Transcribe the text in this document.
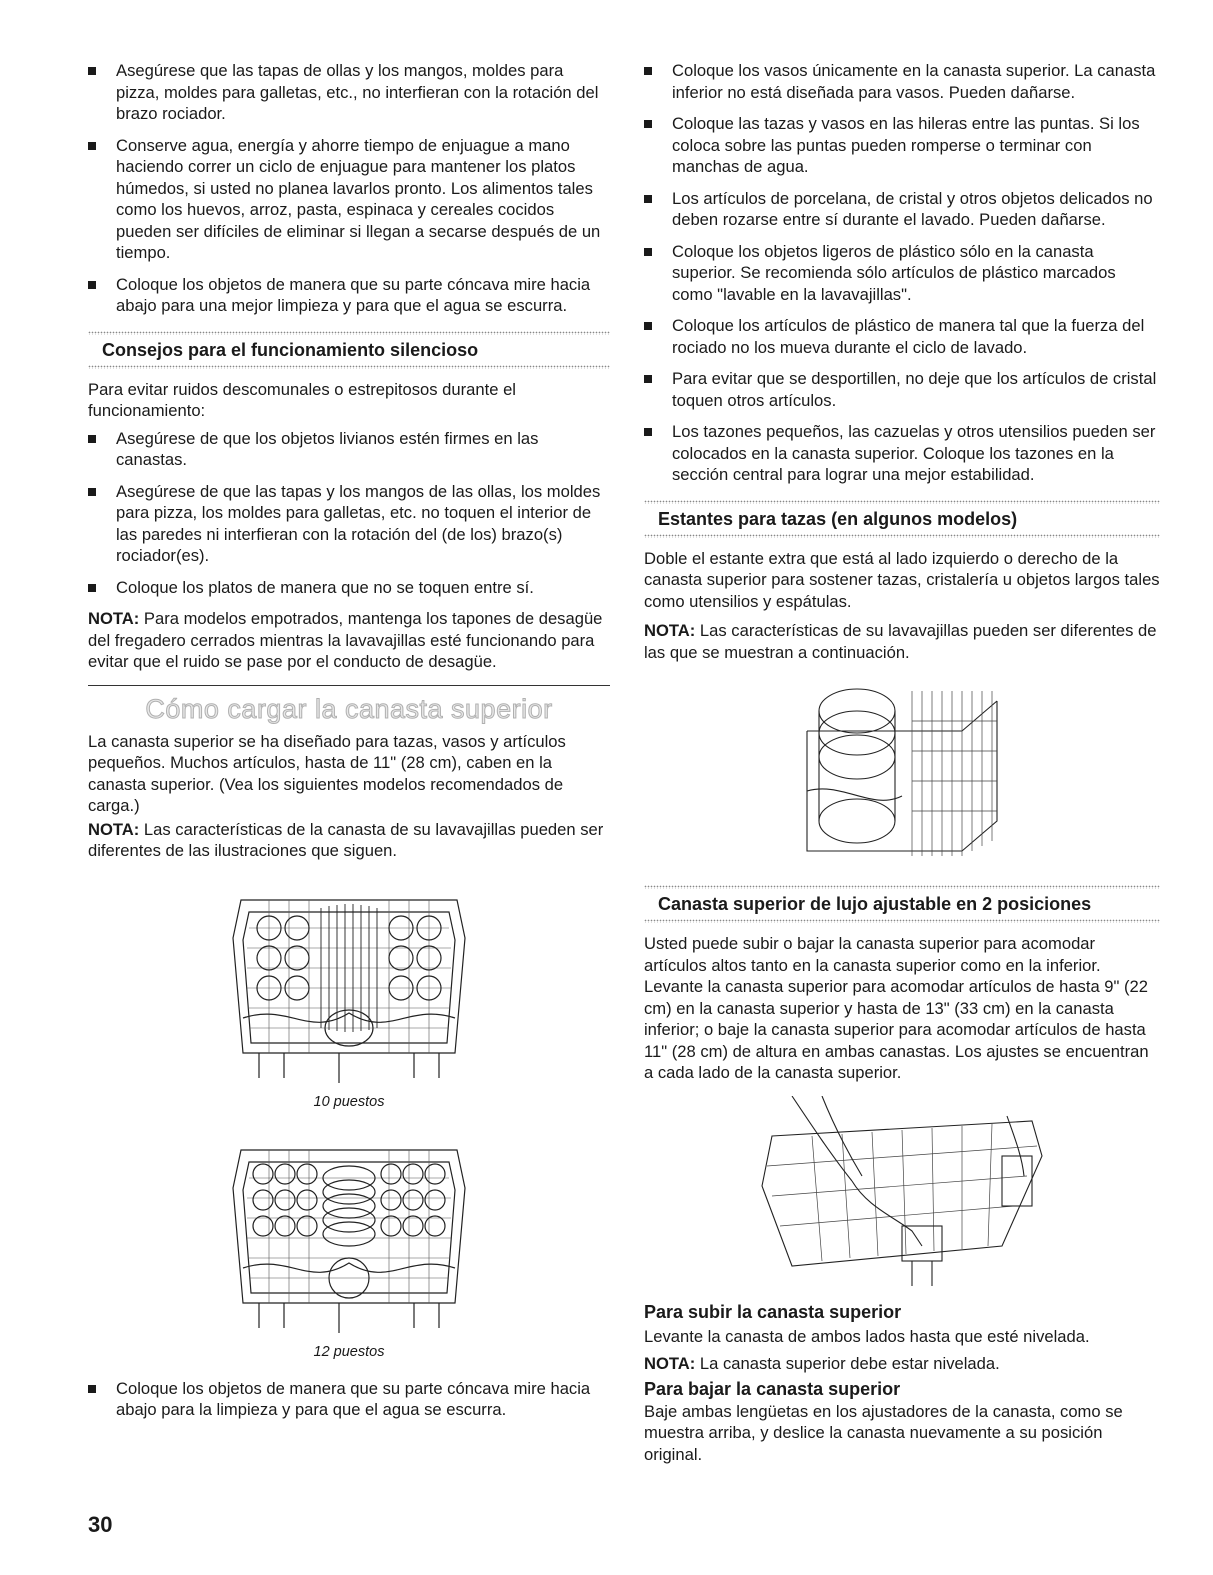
Asegúrese que las tapas de ollas y los mangos, moldes para pizza, moldes para galletas, etc., no interfieran con la rotación del brazo rociador.
Conserve agua, energía y ahorre tiempo de enjuague a mano haciendo correr un ciclo de enjuague para mantener los platos húmedos, si usted no planea lavarlos pronto. Los alimentos tales como los huevos, arroz, pasta, espinaca y cereales cocidos pueden ser difíciles de eliminar si llegan a secarse después de un tiempo.
Coloque los objetos de manera que su parte cóncava mire hacia abajo para una mejor limpieza y para que el agua se escurra.
Consejos para el funcionamiento silencioso

Para evitar ruidos descomunales o estrepitosos durante el funcionamiento:

Asegúrese de que los objetos livianos estén firmes en las canastas.
Asegúrese de que las tapas y los mangos de las ollas, los moldes para pizza, los moldes para galletas, etc. no toquen el interior de las paredes ni interfieran con la rotación del (de los) brazo(s) rociador(es).
Coloque los platos de manera que no se toquen entre sí.

NOTA: Para modelos empotrados, mantenga los tapones de desagüe del fregadero cerrados mientras la lavavajillas esté funcionando para evitar que el ruido se pase por el conducto de desagüe.

Cómo cargar la canasta superior

La canasta superior se ha diseñado para tazas, vasos y artículos pequeños. Muchos artículos, hasta de 11" (28 cm), caben en la canasta superior. (Vea los siguientes modelos recomendados de carga.)

NOTA: Las características de la canasta de su lavavajillas pueden ser diferentes de las ilustraciones que siguen.

10 puestos
12 puestos
Coloque los objetos de manera que su parte cóncava mire hacia abajo para la limpieza y para que el agua se escurra.
Coloque los vasos únicamente en la canasta superior. La canasta inferior no está diseñada para vasos. Pueden dañarse.
Coloque las tazas y vasos en las hileras entre las puntas. Si los coloca sobre las puntas pueden romperse o terminar con manchas de agua.
Los artículos de porcelana, de cristal y otros objetos delicados no deben rozarse entre sí durante el lavado. Pueden dañarse.
Coloque los objetos ligeros de plástico sólo en la canasta superior. Se recomienda sólo artículos de plástico marcados como "lavable en la lavavajillas".
Coloque los artículos de plástico de manera tal que la fuerza del rociado no los mueva durante el ciclo de lavado.
Para evitar que se desportillen, no deje que los artículos de cristal toquen otros artículos.
Los tazones pequeños, las cazuelas y otros utensilios pueden ser colocados en la canasta superior. Coloque los tazones en la sección central para lograr una mejor estabilidad.
Estantes para tazas (en algunos modelos)

Doble el estante extra que está al lado izquierdo o derecho de la canasta superior para sostener tazas, cristalería u objetos largos tales como utensilios y espátulas.

NOTA: Las características de su lavavajillas pueden ser diferentes de las que se muestran a continuación.

Canasta superior de lujo ajustable en 2 posiciones

Usted puede subir o bajar la canasta superior para acomodar artículos altos tanto en la canasta superior como en la inferior. Levante la canasta superior para acomodar artículos de hasta 9" (22 cm) en la canasta superior y hasta de 13" (33 cm) en la canasta inferior; o baje la canasta superior para acomodar artículos de hasta 11" (28 cm) de altura en ambas canastas. Los ajustes se encuentran a cada lado de la canasta superior.

Para subir la canasta superior

Levante la canasta de ambos lados hasta que esté nivelada.

NOTA: La canasta superior debe estar nivelada.

Para bajar la canasta superior

Baje ambas lengüetas en los ajustadores de la canasta, como se muestra arriba, y deslice la canasta nuevamente a su posición original.

30
